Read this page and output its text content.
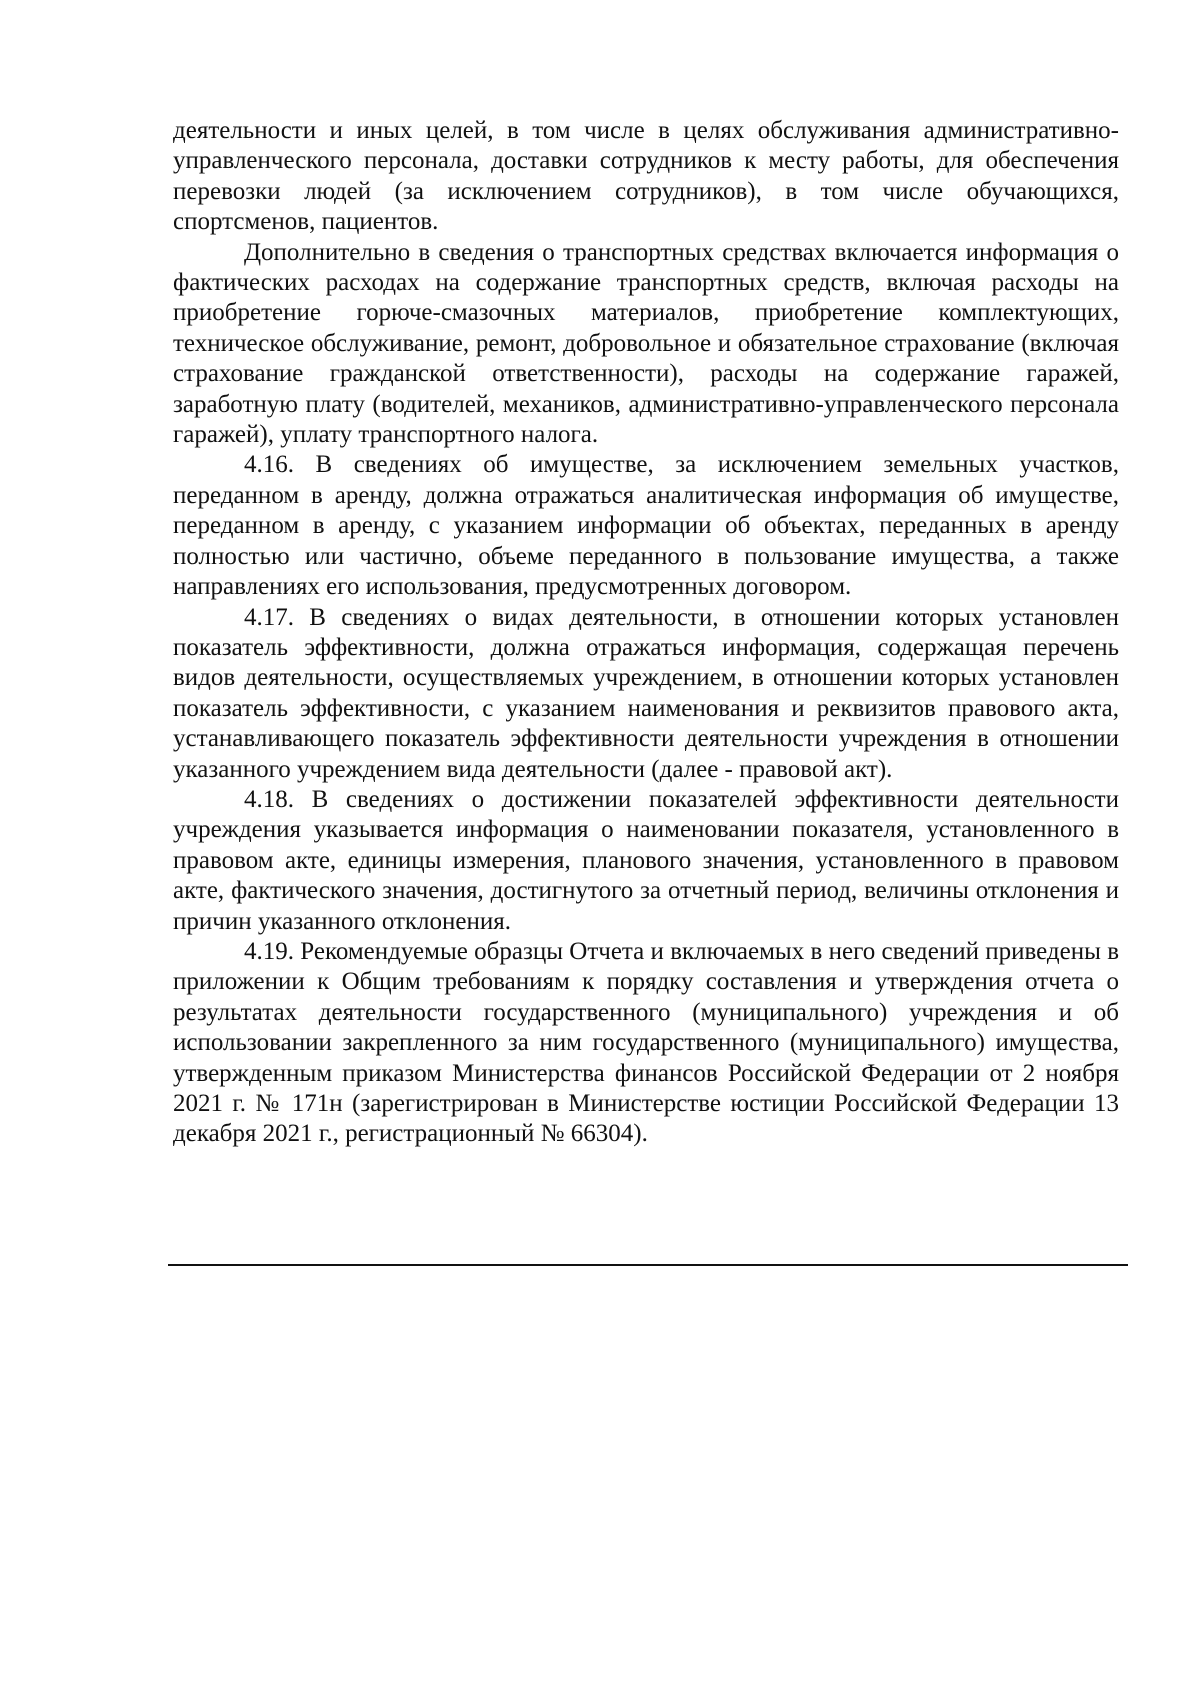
деятельности и иных целей, в том числе в целях обслуживания административно-управленческого персонала, доставки сотрудников к месту работы, для обеспечения перевозки людей (за исключением сотрудников), в том числе обучающихся, спортсменов, пациентов.

Дополнительно в сведения о транспортных средствах включается информация о фактических расходах на содержание транспортных средств, включая расходы на приобретение горюче-смазочных материалов, приобретение комплектующих, техническое обслуживание, ремонт, добровольное и обязательное страхование (включая страхование гражданской ответственности), расходы на содержание гаражей, заработную плату (водителей, механиков, административно-управленческого персонала гаражей), уплату транспортного налога.

4.16. В сведениях об имуществе, за исключением земельных участков, переданном в аренду, должна отражаться аналитическая информация об имуществе, переданном в аренду, с указанием информации об объектах, переданных в аренду полностью или частично, объеме переданного в пользование имущества, а также направлениях его использования, предусмотренных договором.

4.17. В сведениях о видах деятельности, в отношении которых установлен показатель эффективности, должна отражаться информация, содержащая перечень видов деятельности, осуществляемых учреждением, в отношении которых установлен показатель эффективности, с указанием наименования и реквизитов правового акта, устанавливающего показатель эффективности деятельности учреждения в отношении указанного учреждением вида деятельности (далее - правовой акт).

4.18. В сведениях о достижении показателей эффективности деятельности учреждения указывается информация о наименовании показателя, установленного в правовом акте, единицы измерения, планового значения, установленного в правовом акте, фактического значения, достигнутого за отчетный период, величины отклонения и причин указанного отклонения.

4.19. Рекомендуемые образцы Отчета и включаемых в него сведений приведены в приложении к Общим требованиям к порядку составления и утверждения отчета о результатах деятельности государственного (муниципального) учреждения и об использовании закрепленного за ним государственного (муниципального) имущества, утвержденным приказом Министерства финансов Российской Федерации от 2 ноября 2021 г. № 171н (зарегистрирован в Министерстве юстиции Российской Федерации 13 декабря 2021 г., регистрационный № 66304).
